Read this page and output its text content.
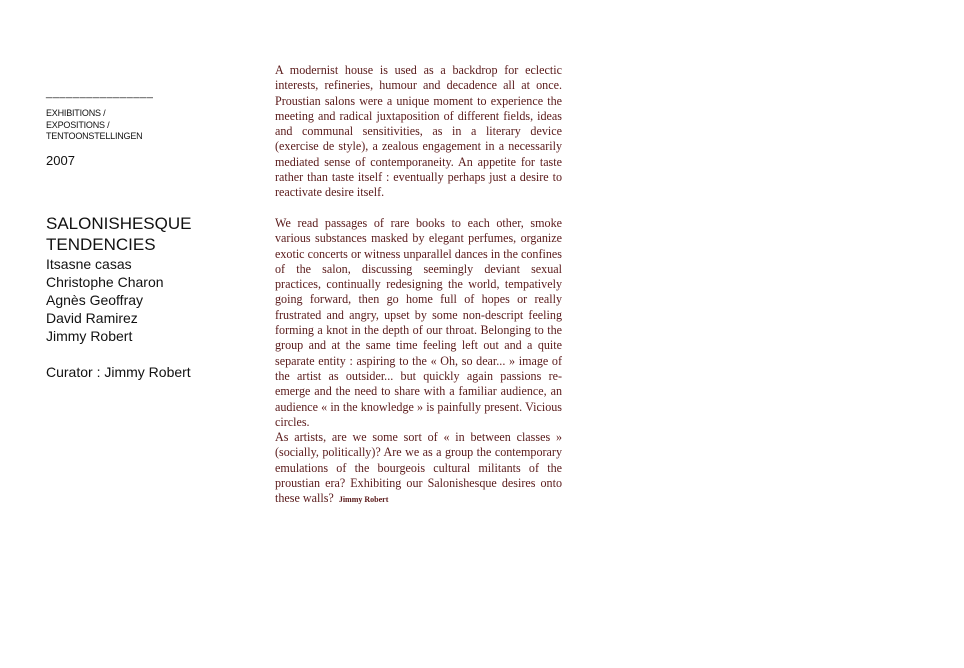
________________
EXHIBITIONS /
EXPOSITIONS /
TENTOONSTELLINGEN
2007
SALONISHESQUE
TENDENCIES
Itsasne casas
Christophe Charon
Agnès Geoffray
David Ramirez
Jimmy Robert
Curator : Jimmy Robert

A modernist house is used as a backdrop for eclectic interests, refineries, humour and decadence all at once. Proustian salons were a unique moment to experience the meeting and radical juxtaposition of different fields, ideas and communal sensitivities, as in a literary device (exercise de style), a zealous engagement in a necessarily mediated sense of contemporaneity. An appetite for taste rather than taste itself : eventually perhaps just a desire to reactivate desire itself.

We read passages of rare books to each other, smoke various substances masked by elegant perfumes, organize exotic concerts or witness unparallel dances in the confines of the salon, discussing seemingly deviant sexual practices, continually redesigning the world, tempatively going forward, then go home full of hopes or really frustrated and angry, upset by some non-descript feeling forming a knot in the depth of our throat. Belonging to the group and at the same time feeling left out and a quite separate entity : aspiring to the « Oh, so dear... » image of the artist as outsider... but quickly again passions re-emerge and the need to share with a familiar audience, an audience « in the knowledge » is painfully present. Vicious circles.

As artists, are we some sort of « in between classes » (socially, politically)? Are we as a group the contemporary emulations of the bourgeois cultural militants of the proustian era? Exhibiting our Salonishesque desires onto these walls? Jimmy Robert
